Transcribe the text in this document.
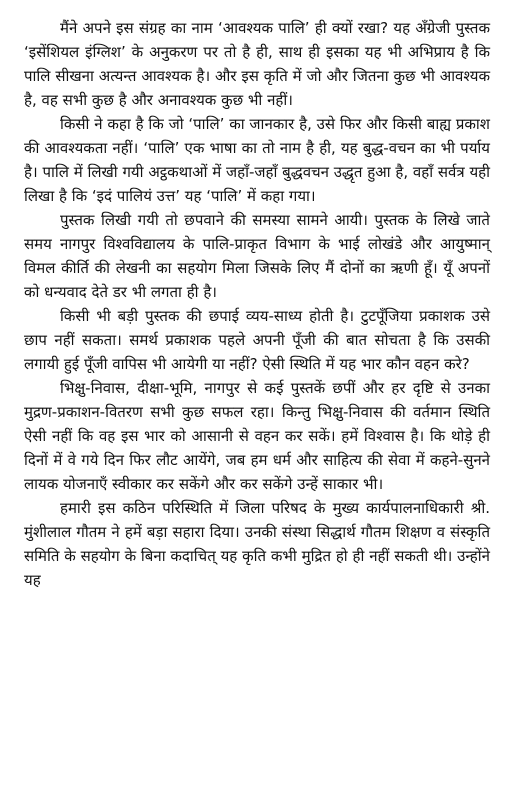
मैंने अपने इस संग्रह का नाम ‘आवश्यक पालि’ ही क्यों रखा? यह अँग्रेजी पुस्तक ‘इसेंशियल इंग्लिश’ के अनुकरण पर तो है ही, साथ ही इसका यह भी अभिप्राय है कि पालि सीखना अत्यन्त आवश्यक है। और इस कृति में जो और जितना कुछ भी आवश्यक है, वह सभी कुछ है और अनावश्यक कुछ भी नहीं।

किसी ने कहा है कि जो ‘पालि’ का जानकार है, उसे फिर और किसी बाह्य प्रकाश की आवश्यकता नहीं। ‘पालि’ एक भाषा का तो नाम है ही, यह बुद्ध-वचन का भी पर्याय है। पालि में लिखी गयी अट्ठकथाओं में जहाँ-जहाँ बुद्धवचन उद्धृत हुआ है, वहाँ सर्वत्र यही लिखा है कि ‘इदं पालियं उत्त’ यह ‘पालि’ में कहा गया।

पुस्तक लिखी गयी तो छपवाने की समस्या सामने आयी। पुस्तक के लिखे जाते समय नागपुर विश्वविद्यालय के पालि-प्राकृत विभाग के भाई लोखंडे और आयुष्मान् विमल कीर्ति की लेखनी का सहयोग मिला जिसके लिए मैं दोनों का ऋणी हूँ। यूँ अपनों को धन्यवाद देते डर भी लगता ही है।

किसी भी बड़ी पुस्तक की छपाई व्यय-साध्य होती है। टुटपूँजिया प्रकाशक उसे छाप नहीं सकता। समर्थ प्रकाशक पहले अपनी पूँजी की बात सोचता है कि उसकी लगायी हुई पूँजी वापिस भी आयेगी या नहीं? ऐसी स्थिति में यह भार कौन वहन करे?

भिक्षु-निवास, दीक्षा-भूमि, नागपुर से कई पुस्तकें छपीं और हर दृष्टि से उनका मुद्रण-प्रकाशन-वितरण सभी कुछ सफल रहा। किन्तु भिक्षु-निवास की वर्तमान स्थिति ऐसी नहीं कि वह इस भार को आसानी से वहन कर सकें। हमें विश्वास है। कि थोड़े ही दिनों में वे गये दिन फिर लौट आयेंगे, जब हम धर्म और साहित्य की सेवा में कहने-सुनने लायक योजनाएँ स्वीकार कर सकेंगे और कर सकेंगे उन्हें साकार भी।

हमारी इस कठिन परिस्थिति में जिला परिषद के मुख्य कार्यपालनाधिकारी श्री. मुंशीलाल गौतम ने हमें बड़ा सहारा दिया। उनकी संस्था सिद्धार्थ गौतम शिक्षण व संस्कृति समिति के सहयोग के बिना कदाचित् यह कृति कभी मुद्रित हो ही नहीं सकती थी। उन्होंने यह
